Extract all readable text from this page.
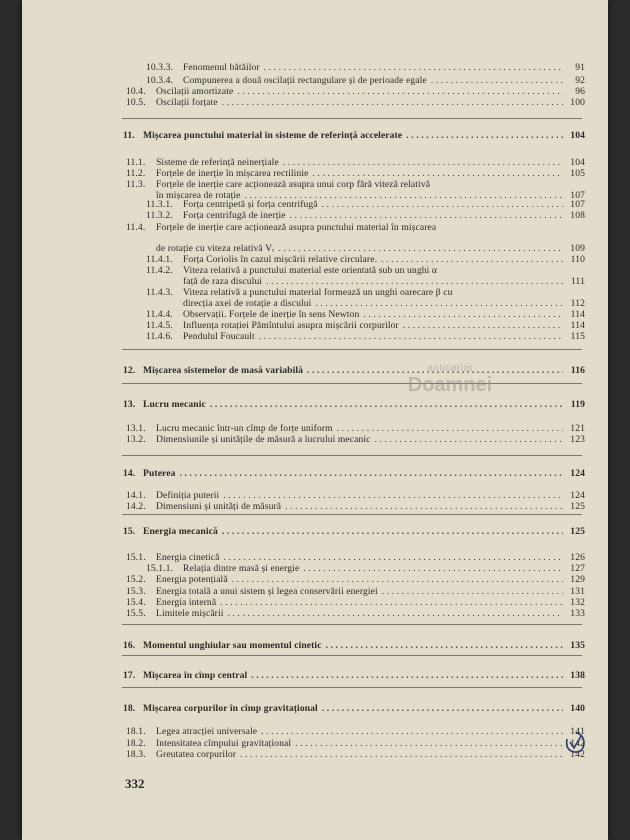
10.3.3.	Fenomenul bătăilor . . .	91
10.3.4.	Compunerea a două oscilații rectangulare și de perioade egale . . .	92
10.4.	Oscilații amortizate . . .	96
10.5.	Oscilații forțate . . .	100
11. Mișcarea punctului material în sisteme de referință accelerate . . .	104
11.1.	Sisteme de referință neinerțiale . . .	104
11.2.	Forțele de inerție în mișcarea rectilinie . . .	105
11.3.	Forțele de inerție care acționează asupra unui corp fără viteză relativă
în mișcarea de rotație . . .	107
11.3.1.	Forța centripetă și forța centrifugă . . .	107
11.3.2.	Forța centrifugă de inerție . . .	108
11.4.	Forțele de inerție care acționează asupra punctului material în mișcarea
de rotație cu viteza relativă Vᵣ . . .	109
11.4.1.	Forța Coriolis în cazul mișcării relative circulare. . . .	110
11.4.2.	Viteza relativă a punctului material este orientată sub un unghi α
față de raza discului . . .	111
11.4.3.	Viteza relativă a punctului material formează un unghi oarecare β cu
direcția axei de rotație a discului . . .	112
11.4.4.	Observații. Forțele de inerție în sens Newton . . .	114
11.4.5.	Influența rotației Pămîntului asupra mișcării corpurilor . . .	114
11.4.6.	Pendulul Foucault . . .	115
12. Mișcarea sistemelor de masă variabilă . . .	116
13. Lucru mecanic . . .	119
13.1.	Lucru mecanic într-un cîmp de forțe uniform . . .	121
13.2.	Dimensiunile și unitățile de măsură a lucrului mecanic . . .	123
14. Puterea . . .	124
14.1.	Definiția puterii . . .	124
14.2.	Dimensiuni și unități de măsură . . .	125
15. Energia mecanică . . .	125
15.1.	Energia cinetică . . .	126
15.1.1.	Relația dintre masă și energie . . .	127
15.2.	Energia potențială . . .	129
15.3.	Energia totală a unui sistem și legea conservării energiei . . .	131
15.4.	Energia internă . . .	132
15.5.	Limitele mișcării . . .	133
16. Momentul unghiular sau momentul cinetic . . .	135
17. Mișcarea în cîmp central . . .	138
18. Mișcarea corpurilor în cîmp gravitațional . . .	140
18.1.	Legea atracției universale . . .	141
18.2.	Intensitatea cîmpului gravitațional . . .	142
18.3.	Greutatea corpurilor . . .	142
anticariat
Doamnei
332
